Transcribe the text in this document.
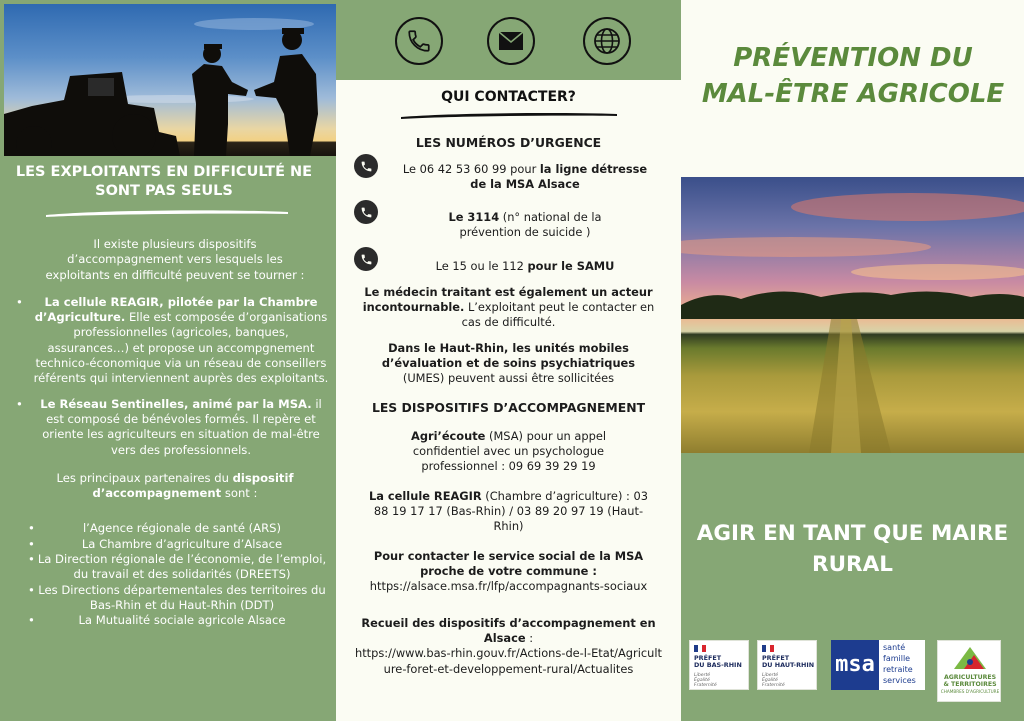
LES EXPLOITANTS EN DIFFICULTÉ NE SONT PAS SEULS

Il existe plusieurs dispositifs d’accompagnement vers lesquels les exploitants en difficulté peuvent se tourner :

• La cellule REAGIR, pilotée par la Chambre d’Agriculture. Elle est composée d’organisations professionnelles (agricoles, banques, assurances…) et propose un accompgnement technico-économique via un réseau de conseillers référents qui interviennent auprès des exploitants.
• Le Réseau Sentinelles, animé par la MSA. il est composé de bénévoles formés. Il repère et oriente les agriculteurs en situation de mal-être vers des professionnels.

Les principaux partenaires du dispositif d’accompagnement sont :

•	l’Agence régionale de santé (ARS)
•	La Chambre d’agriculture d’Alsace
• La Direction régionale de l’économie, de l’emploi, du travail et des solidarités (DREETS)
• Les Directions départementales des territoires du Bas-Rhin et du Haut-Rhin (DDT)
•	La Mutualité sociale agricole Alsace
QUI CONTACTER?
LES NUMÉROS D’URGENCE
Le 06 42 53 60 99 pour la ligne détresse de la MSA Alsace
Le 3114 (n° national de la prévention de suicide )
Le 15 ou le 112 pour le SAMU
Le médecin traitant est également un acteur incontournable. L’exploitant peut le contacter en cas de difficulté.
Dans le Haut-Rhin, les unités mobiles d’évaluation et de soins psychiatriques (UMES) peuvent aussi être sollicitées
LES DISPOSITIFS D’ACCOMPAGNEMENT
Agri’écoute (MSA) pour un appel confidentiel avec un psychologue professionnel : 09 69 39 29 19
La cellule REAGIR (Chambre d’agriculture) : 03 88 19 17 17 (Bas-Rhin) / 03 89 20 97 19 (Haut-Rhin)
Pour contacter le service social de la MSA proche de votre commune :
https://alsace.msa.fr/lfp/accompagnants-sociaux
Recueil des dispositifs d’accompagnement en Alsace :
https://www.bas-rhin.gouv.fr/Actions-de-l-Etat/Agriculture-foret-et-developpement-rural/Actualites
PRÉVENTION DU MAL-ÊTRE AGRICOLE
AGIR EN TANT QUE MAIRE RURAL
PRÉFET
DU BAS-RHIN
Liberté Égalité Fraternité
PRÉFET
DU HAUT-RHIN
Liberté Égalité Fraternité
msa
santé
famille
retraite
services	AGRICULTURES
& TERRITOIRES
CHAMBRES D'AGRICULTURE
